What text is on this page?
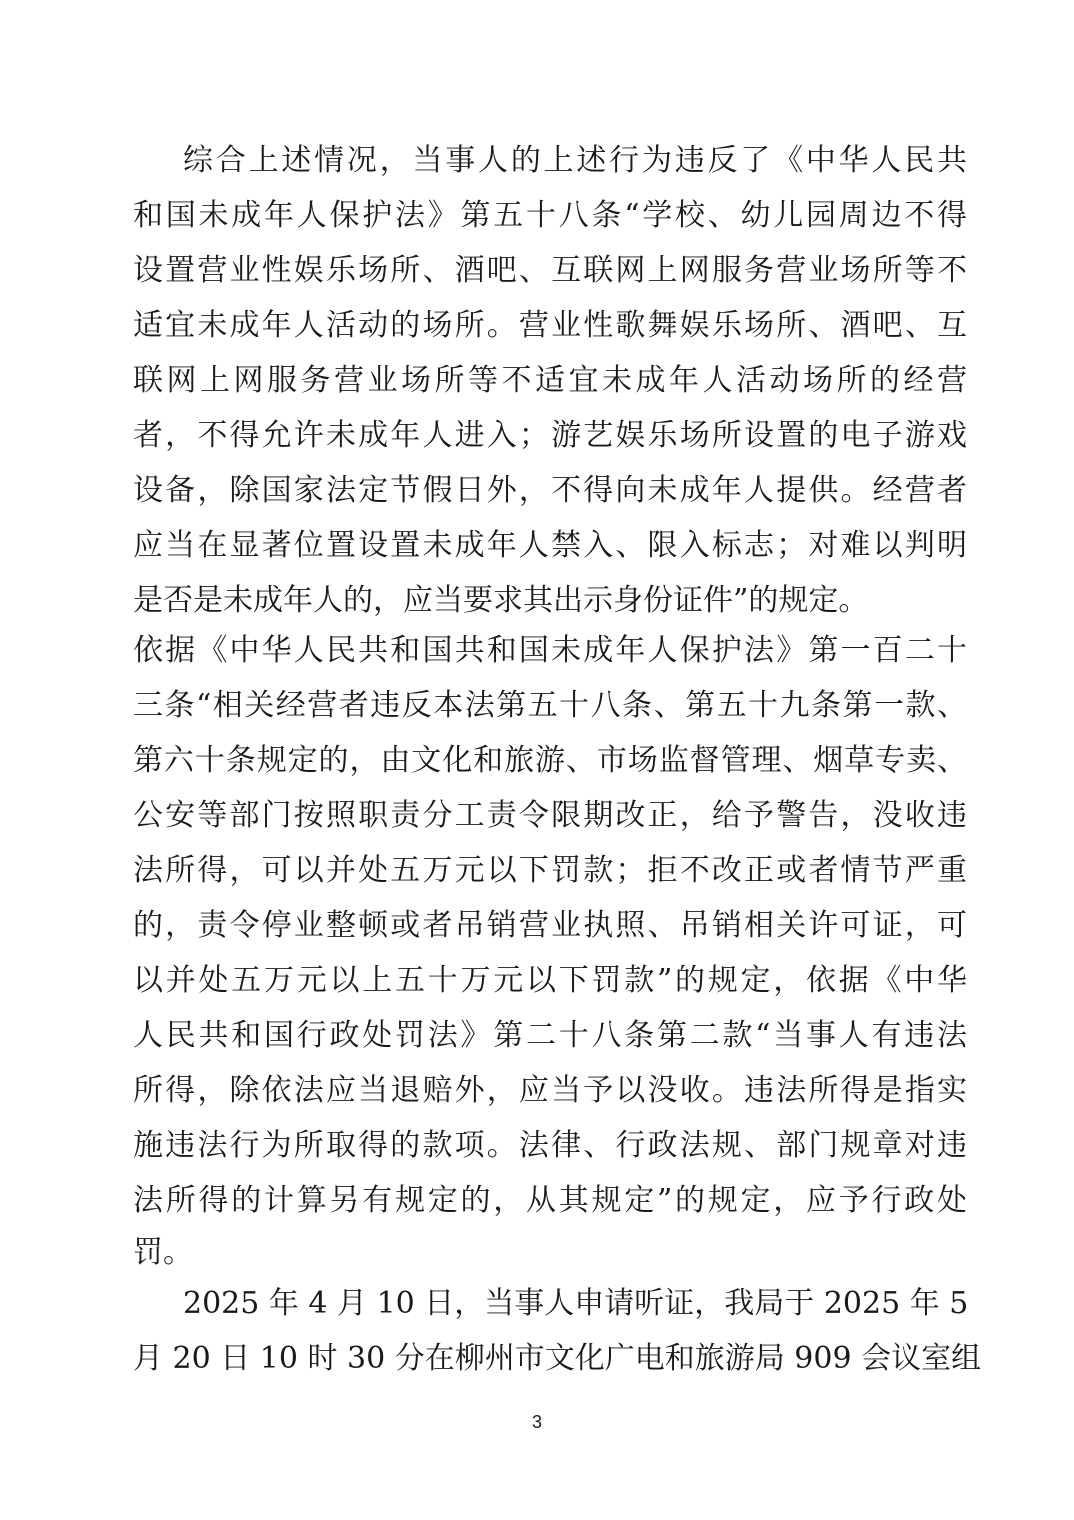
综合上述情况，当事人的上述行为违反了《中华人民共
和国未成年人保护法》第五十八条“学校、幼儿园周边不得
设置营业性娱乐场所、酒吧、互联网上网服务营业场所等不
适宜未成年人活动的场所。营业性歌舞娱乐场所、酒吧、互
联网上网服务营业场所等不适宜未成年人活动场所的经营
者，不得允许未成年人进入；游艺娱乐场所设置的电子游戏
设备，除国家法定节假日外，不得向未成年人提供。经营者
应当在显著位置设置未成年人禁入、限入标志；对难以判明
是否是未成年人的，应当要求其出示身份证件”的规定。
依据《中华人民共和国共和国未成年人保护法》第一百二十
三条“相关经营者违反本法第五十八条、第五十九条第一款、
第六十条规定的，由文化和旅游、市场监督管理、烟草专卖、
公安等部门按照职责分工责令限期改正，给予警告，没收违
法所得，可以并处五万元以下罚款；拒不改正或者情节严重
的，责令停业整顿或者吊销营业执照、吊销相关许可证，可
以并处五万元以上五十万元以下罚款”的规定，依据《中华
人民共和国行政处罚法》第二十八条第二款“当事人有违法
所得，除依法应当退赔外，应当予以没收。违法所得是指实
施违法行为所取得的款项。法律、行政法规、部门规章对违
法所得的计算另有规定的，从其规定”的规定，应予行政处
罚。
2025 年 4 月 10 日，当事人申请听证，我局于 2025 年 5
月 20 日 10 时 30 分在柳州市文化广电和旅游局 909 会议室组
3
